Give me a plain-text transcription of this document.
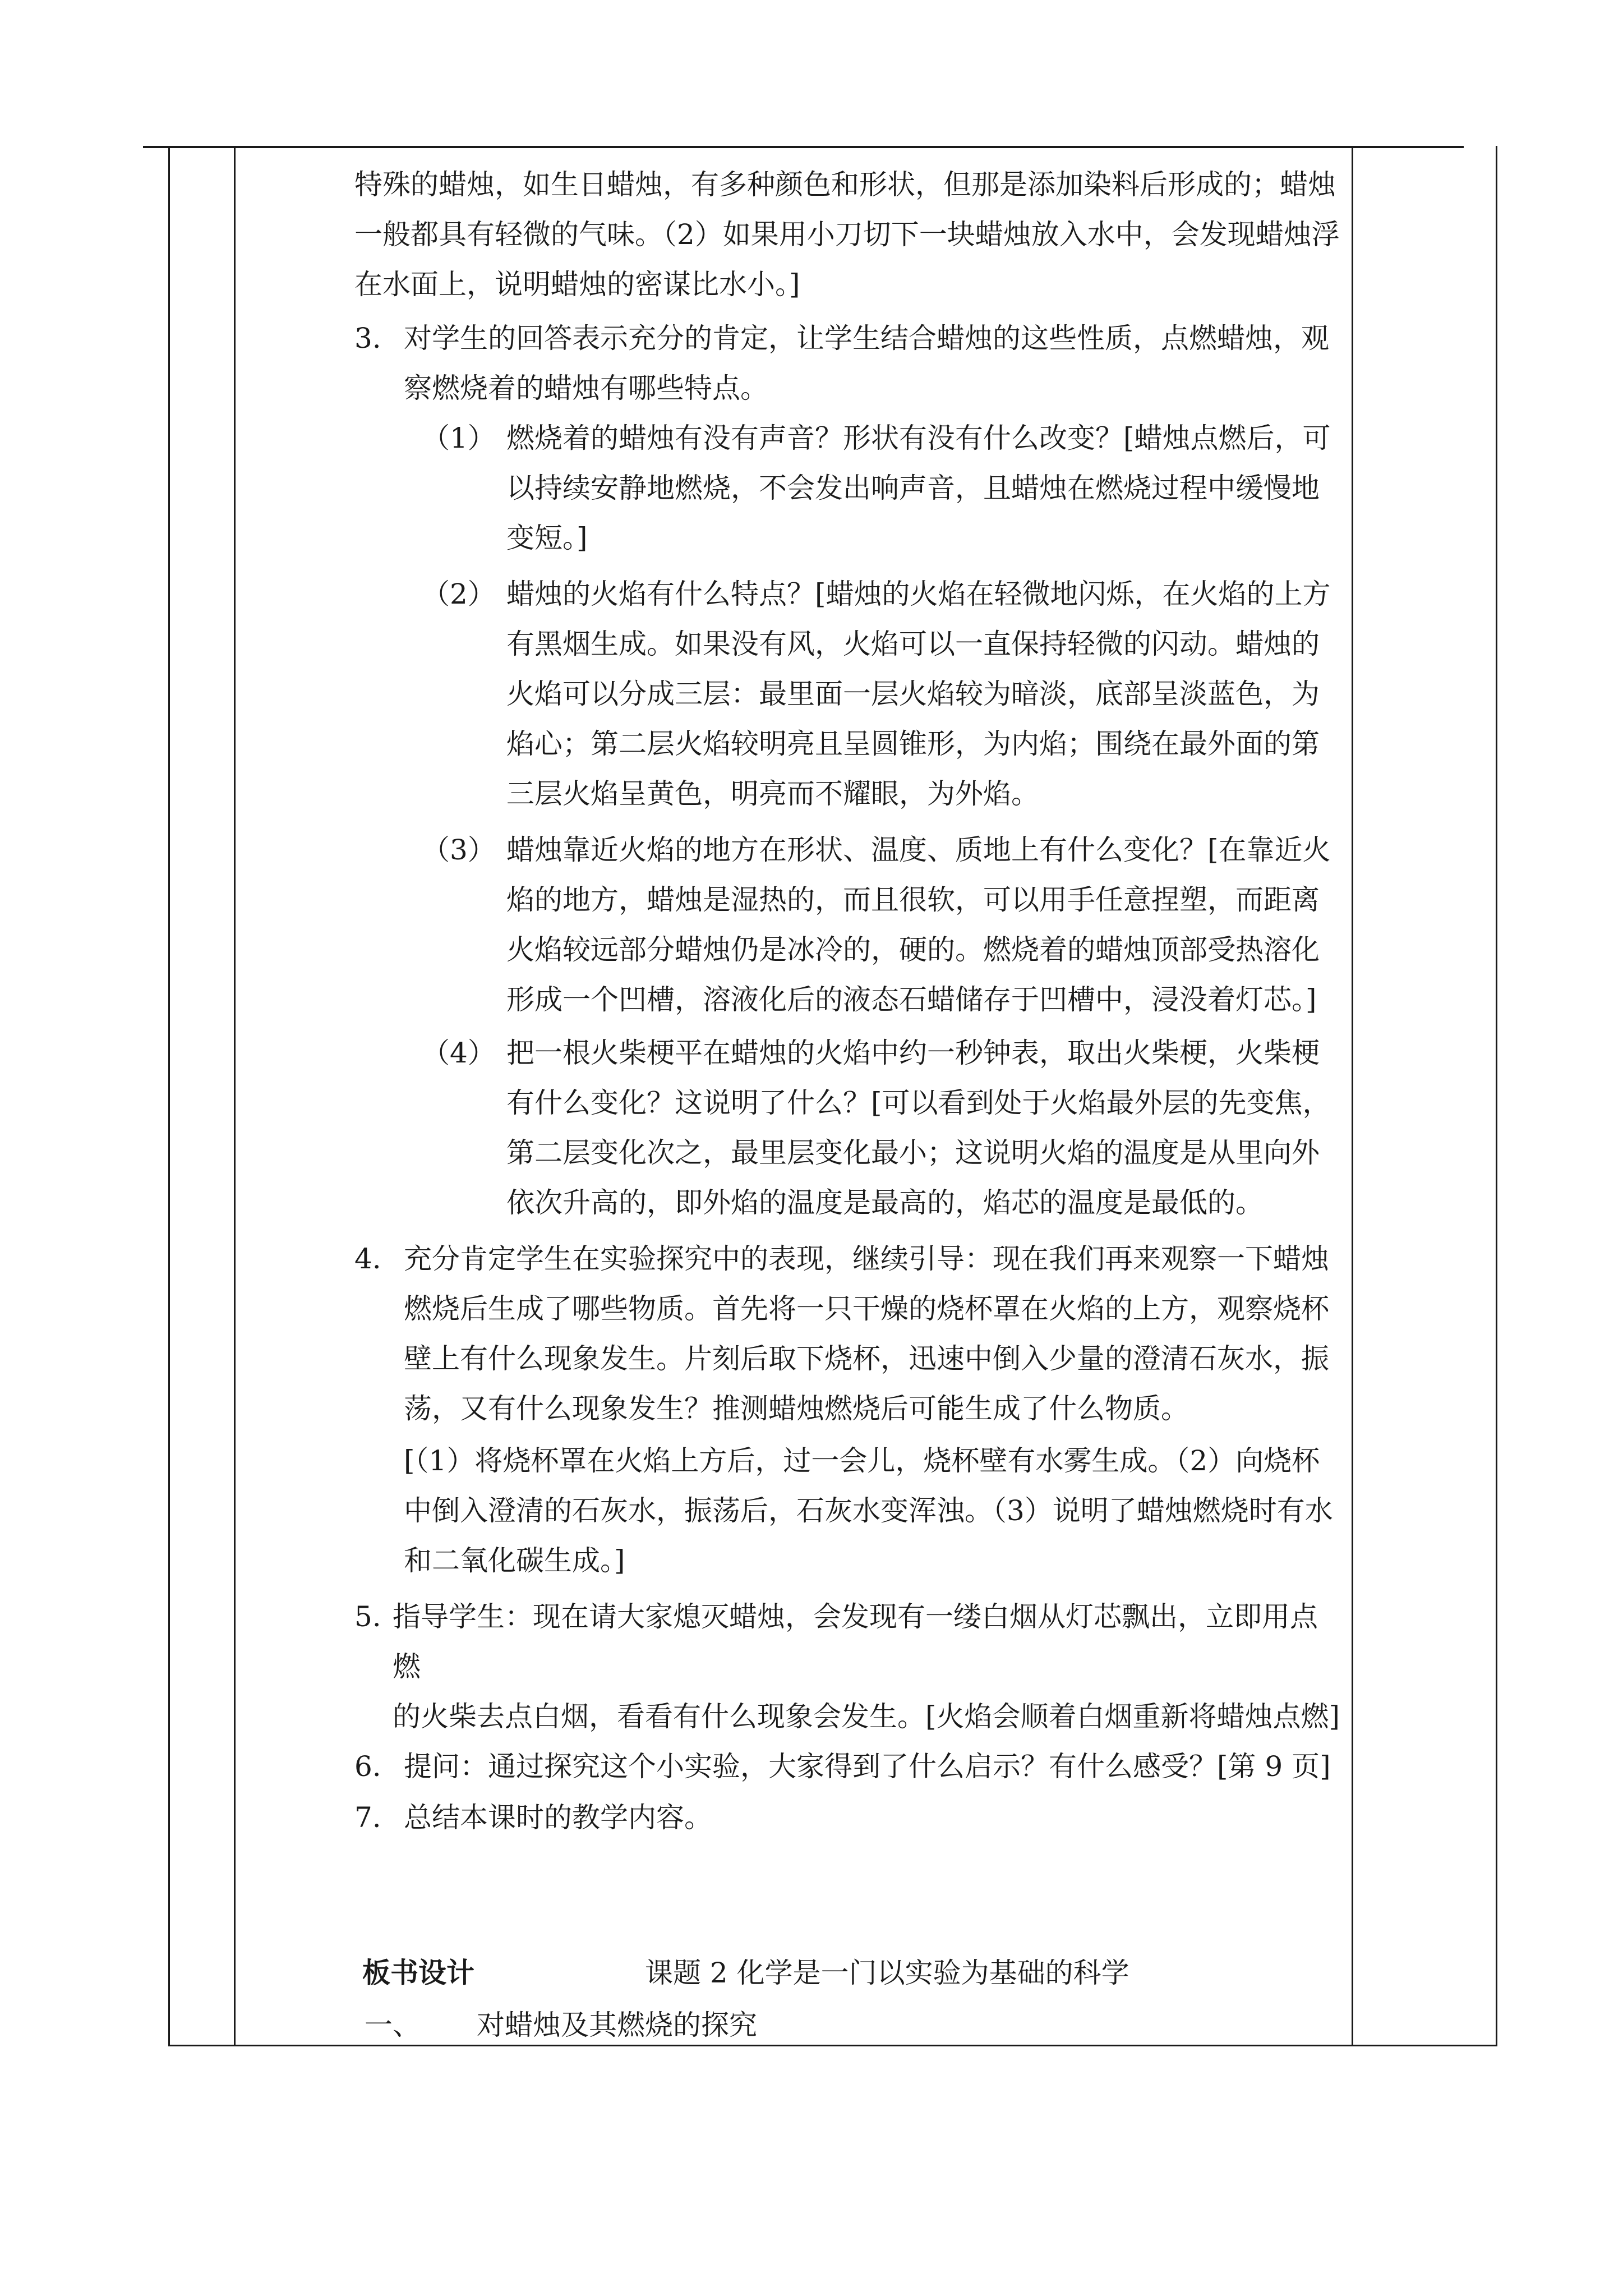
特殊的蜡烛，如生日蜡烛，有多种颜色和形状，但那是添加染料后形成的；蜡烛
一般都具有轻微的气味。（2）如果用小刀切下一块蜡烛放入水中，会发现蜡烛浮
在水面上，说明蜡烛的密谋比水小。]
3. 对学生的回答表示充分的肯定，让学生结合蜡烛的这些性质，点燃蜡烛，观
察燃烧着的蜡烛有哪些特点。
（1） 燃烧着的蜡烛有没有声音？形状有没有什么改变？[蜡烛点燃后，可
以持续安静地燃烧，不会发出响声音，且蜡烛在燃烧过程中缓慢地
变短。]
（2） 蜡烛的火焰有什么特点？[蜡烛的火焰在轻微地闪烁，在火焰的上方
有黑烟生成。如果没有风，火焰可以一直保持轻微的闪动。蜡烛的
火焰可以分成三层：最里面一层火焰较为暗淡，底部呈淡蓝色，为
焰心；第二层火焰较明亮且呈圆锥形，为内焰；围绕在最外面的第
三层火焰呈黄色，明亮而不耀眼，为外焰。
（3） 蜡烛靠近火焰的地方在形状、温度、质地上有什么变化？[在靠近火
焰的地方，蜡烛是湿热的，而且很软，可以用手任意捏塑，而距离
火焰较远部分蜡烛仍是冰冷的，硬的。燃烧着的蜡烛顶部受热溶化
形成一个凹槽，溶液化后的液态石蜡储存于凹槽中，浸没着灯芯。]
（4） 把一根火柴梗平在蜡烛的火焰中约一秒钟表，取出火柴梗，火柴梗
有什么变化？这说明了什么？[可以看到处于火焰最外层的先变焦，
第二层变化次之，最里层变化最小；这说明火焰的温度是从里向外
依次升高的，即外焰的温度是最高的，焰芯的温度是最低的。
4. 充分肯定学生在实验探究中的表现，继续引导：现在我们再来观察一下蜡烛
燃烧后生成了哪些物质。首先将一只干燥的烧杯罩在火焰的上方，观察烧杯
壁上有什么现象发生。片刻后取下烧杯，迅速中倒入少量的澄清石灰水，振
荡，又有什么现象发生？推测蜡烛燃烧后可能生成了什么物质。
[（1）将烧杯罩在火焰上方后，过一会儿，烧杯壁有水雾生成。（2）向烧杯
中倒入澄清的石灰水，振荡后，石灰水变浑浊。（3）说明了蜡烛燃烧时有水
和二氧化碳生成。]
5. 指导学生：现在请大家熄灭蜡烛，会发现有一缕白烟从灯芯飘出，立即用点
燃
的火柴去点白烟，看看有什么现象会发生。[火焰会顺着白烟重新将蜡烛点燃]
6. 提问：通过探究这个小实验，大家得到了什么启示？有什么感受？[第 9 页]
7. 总结本课时的教学内容。
板书设计	课题 2 化学是一门以实验为基础的科学
一、 对蜡烛及其燃烧的探究
